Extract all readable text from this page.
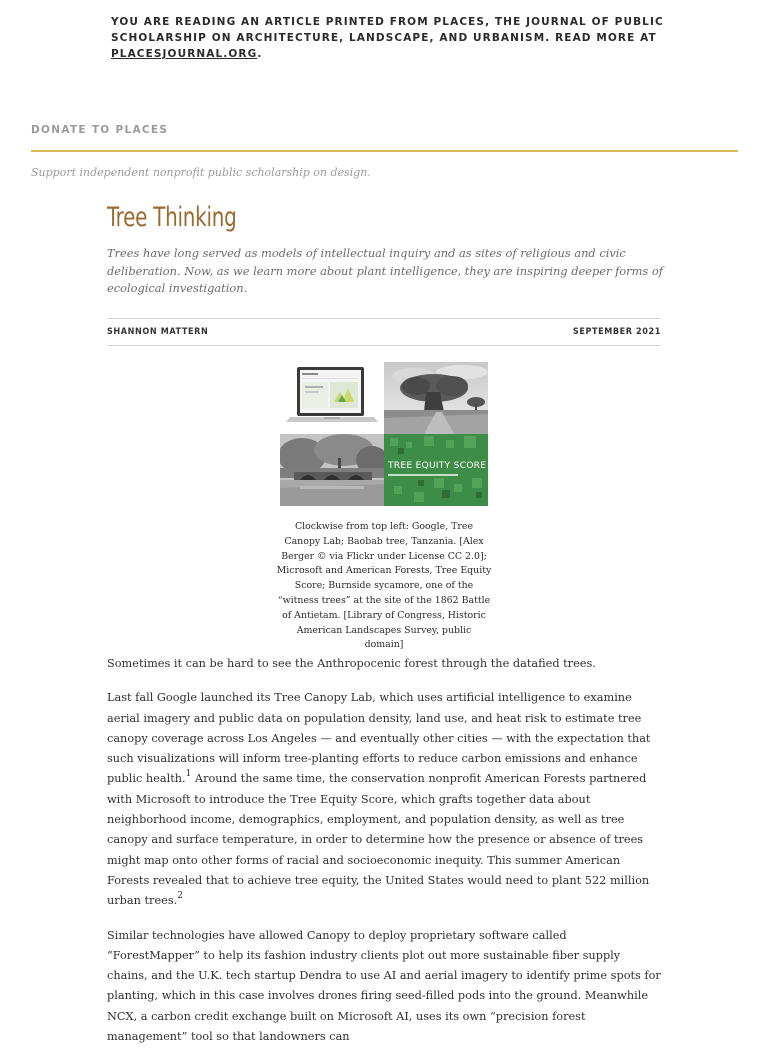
YOU ARE READING AN ARTICLE PRINTED FROM PLACES, THE JOURNAL OF PUBLIC SCHOLARSHIP ON ARCHITECTURE, LANDSCAPE, AND URBANISM. READ MORE AT PLACESJOURNAL.ORG.
DONATE TO PLACES
Support independent nonprofit public scholarship on design.
Tree Thinking
Trees have long served as models of intellectual inquiry and as sites of religious and civic deliberation. Now, as we learn more about plant intelligence, they are inspiring deeper forms of ecological investigation.
SHANNON MATTERN	SEPTEMBER 2021
TREE EQUITY SCORE
Clockwise from top left: Google, Tree Canopy Lab; Baobab tree, Tanzania. [Alex Berger © via Flickr under License CC 2.0]; Microsoft and American Forests, Tree Equity Score; Burnside sycamore, one of the “witness trees” at the site of the 1862 Battle of Antietam. [Library of Congress, Historic American Landscapes Survey, public domain]

Sometimes it can be hard to see the Anthropocenic forest through the datafied trees.

Last fall Google launched its Tree Canopy Lab, which uses artificial intelligence to examine aerial imagery and public data on population density, land use, and heat risk to estimate tree canopy coverage across Los Angeles — and eventually other cities — with the expectation that such visualizations will inform tree-planting efforts to reduce carbon emissions and enhance public health.$^1$ Around the same time, the conservation nonprofit American Forests partnered with Microsoft to introduce the Tree Equity Score, which grafts together data about neighborhood income, demographics, employment, and population density, as well as tree canopy and surface temperature, in order to determine how the presence or absence of trees might map onto other forms of racial and socioeconomic inequity. This summer American Forests revealed that to achieve tree equity, the United States would need to plant 522 million urban trees.$^2$

Similar technologies have allowed Canopy to deploy proprietary software called “ForestMapper” to help its fashion industry clients plot out more sustainable fiber supply chains, and the U.K. tech startup Dendra to use AI and aerial imagery to identify prime spots for planting, which in this case involves drones firing seed-filled pods into the ground. Meanwhile NCX, a carbon credit exchange built on Microsoft AI, uses its own “precision forest management” tool so that landowners can
